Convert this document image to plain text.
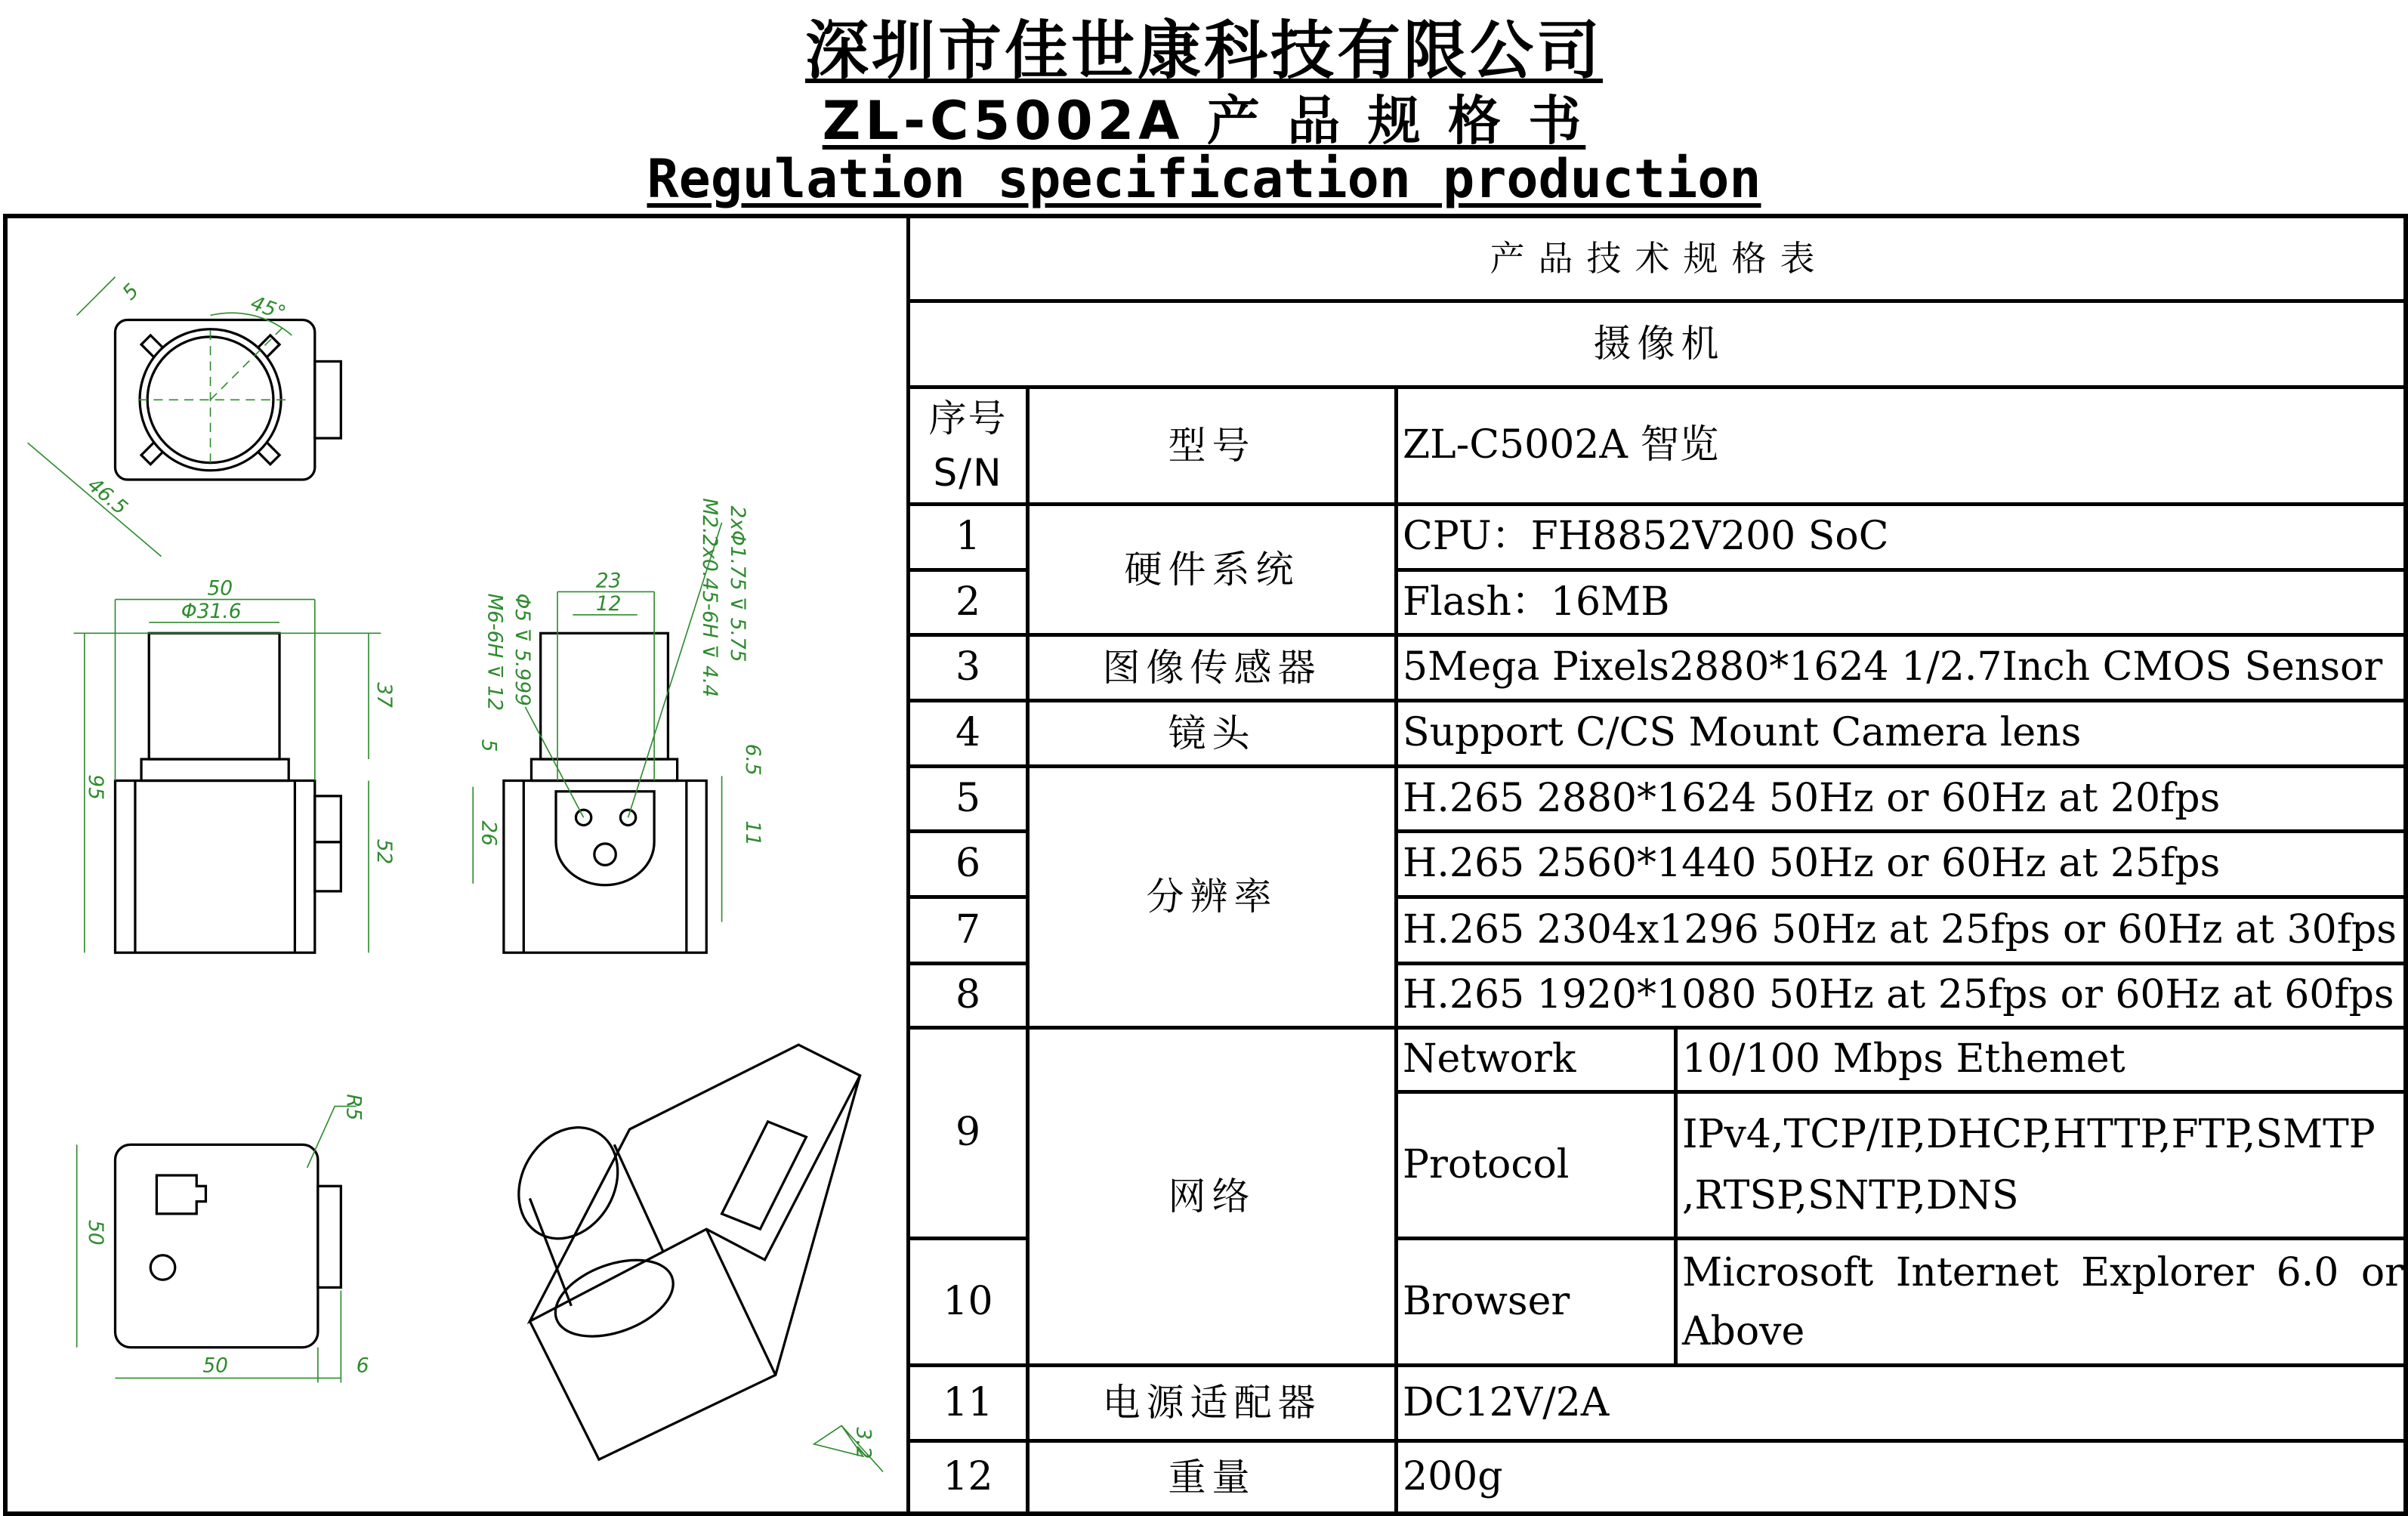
深圳市佳世康科技有限公司
ZL-C5002A 产 品 规 格 书
Regulation specification production
5	45°
46.5
50
Φ31.6
37
95
52
23
12
Φ5 ⊽ 5.999
M6-6H ⊽ 12	2xΦ1.75 ⊽ 5.75
M2.2x0.45-6H ⊽ 4.4
5
26
6.5
11
R5
50
50	6
3.2
产品技术规格表			
摄像机			
序号 S/N	型号	ZL-C5002A 智览	
1	硬件系统	CPU：FH8852V200 SoC	
2		Flash：16MB	
3	图像传感器	5Mega Pixels2880*1624 1/2.7Inch CMOS Sensor	
4	镜头	Support C/CS Mount Camera lens	
5	分辨率	H.265 2880*1624 50Hz or 60Hz at 20fps	
6		H.265 2560*1440 50Hz or 60Hz at 25fps	
7		H.265 2304x1296 50Hz at 25fps or 60Hz at 30fps	
8		H.265 1920*1080 50Hz at 25fps or 60Hz at 60fps	
9	网络	Network	10/100 Mbps Ethemet
		Protocol	IPv4,TCP/IP,DHCP,HTTP,FTP,SMTP ,RTSP,SNTP,DNS
10		Browser	Microsoft Internet Explorer 6.0 or Above
11	电源适配器	DC12V/2A	
12	重量	200g	
